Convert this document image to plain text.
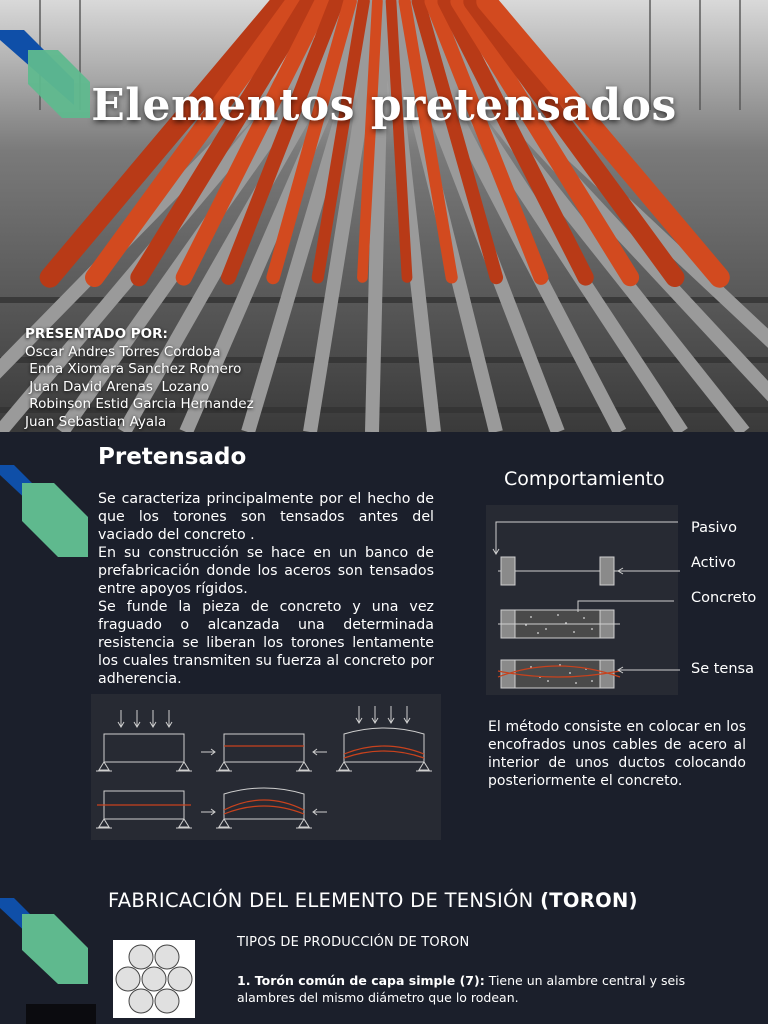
Elementos pretensados
PRESENTADO POR:
Oscar Andres Torres Cordoba
Enna Xiomara Sanchez Romero
Juan David Arenas  Lozano
Robinson Estid Garcia Hernandez
Juan Sebastian Ayala
Pretensado
Se caracteriza principalmente por el hecho de que los torones son tensados antes del vaciado del concreto .
En su construcción se hace en un banco de prefabricación donde los aceros son tensados entre apoyos rígidos.
Se funde la pieza de concreto y una vez fraguado o alcanzada una determinada resistencia se liberan los torones lentamente los cuales transmiten su fuerza al concreto por adherencia.
Comportamiento
Pasivo
Activo
Concreto
Se tensa
El método consiste en colocar en los encofrados unos cables de acero al interior de unos ductos colocando posteriormente el concreto.
FABRICACIÓN DEL ELEMENTO DE TENSIÓN (TORON)
TIPOS DE PRODUCCIÓN DE TORON
1. Torón común de capa simple (7): Tiene un alambre central y seis alambres del mismo diámetro que lo rodean.
